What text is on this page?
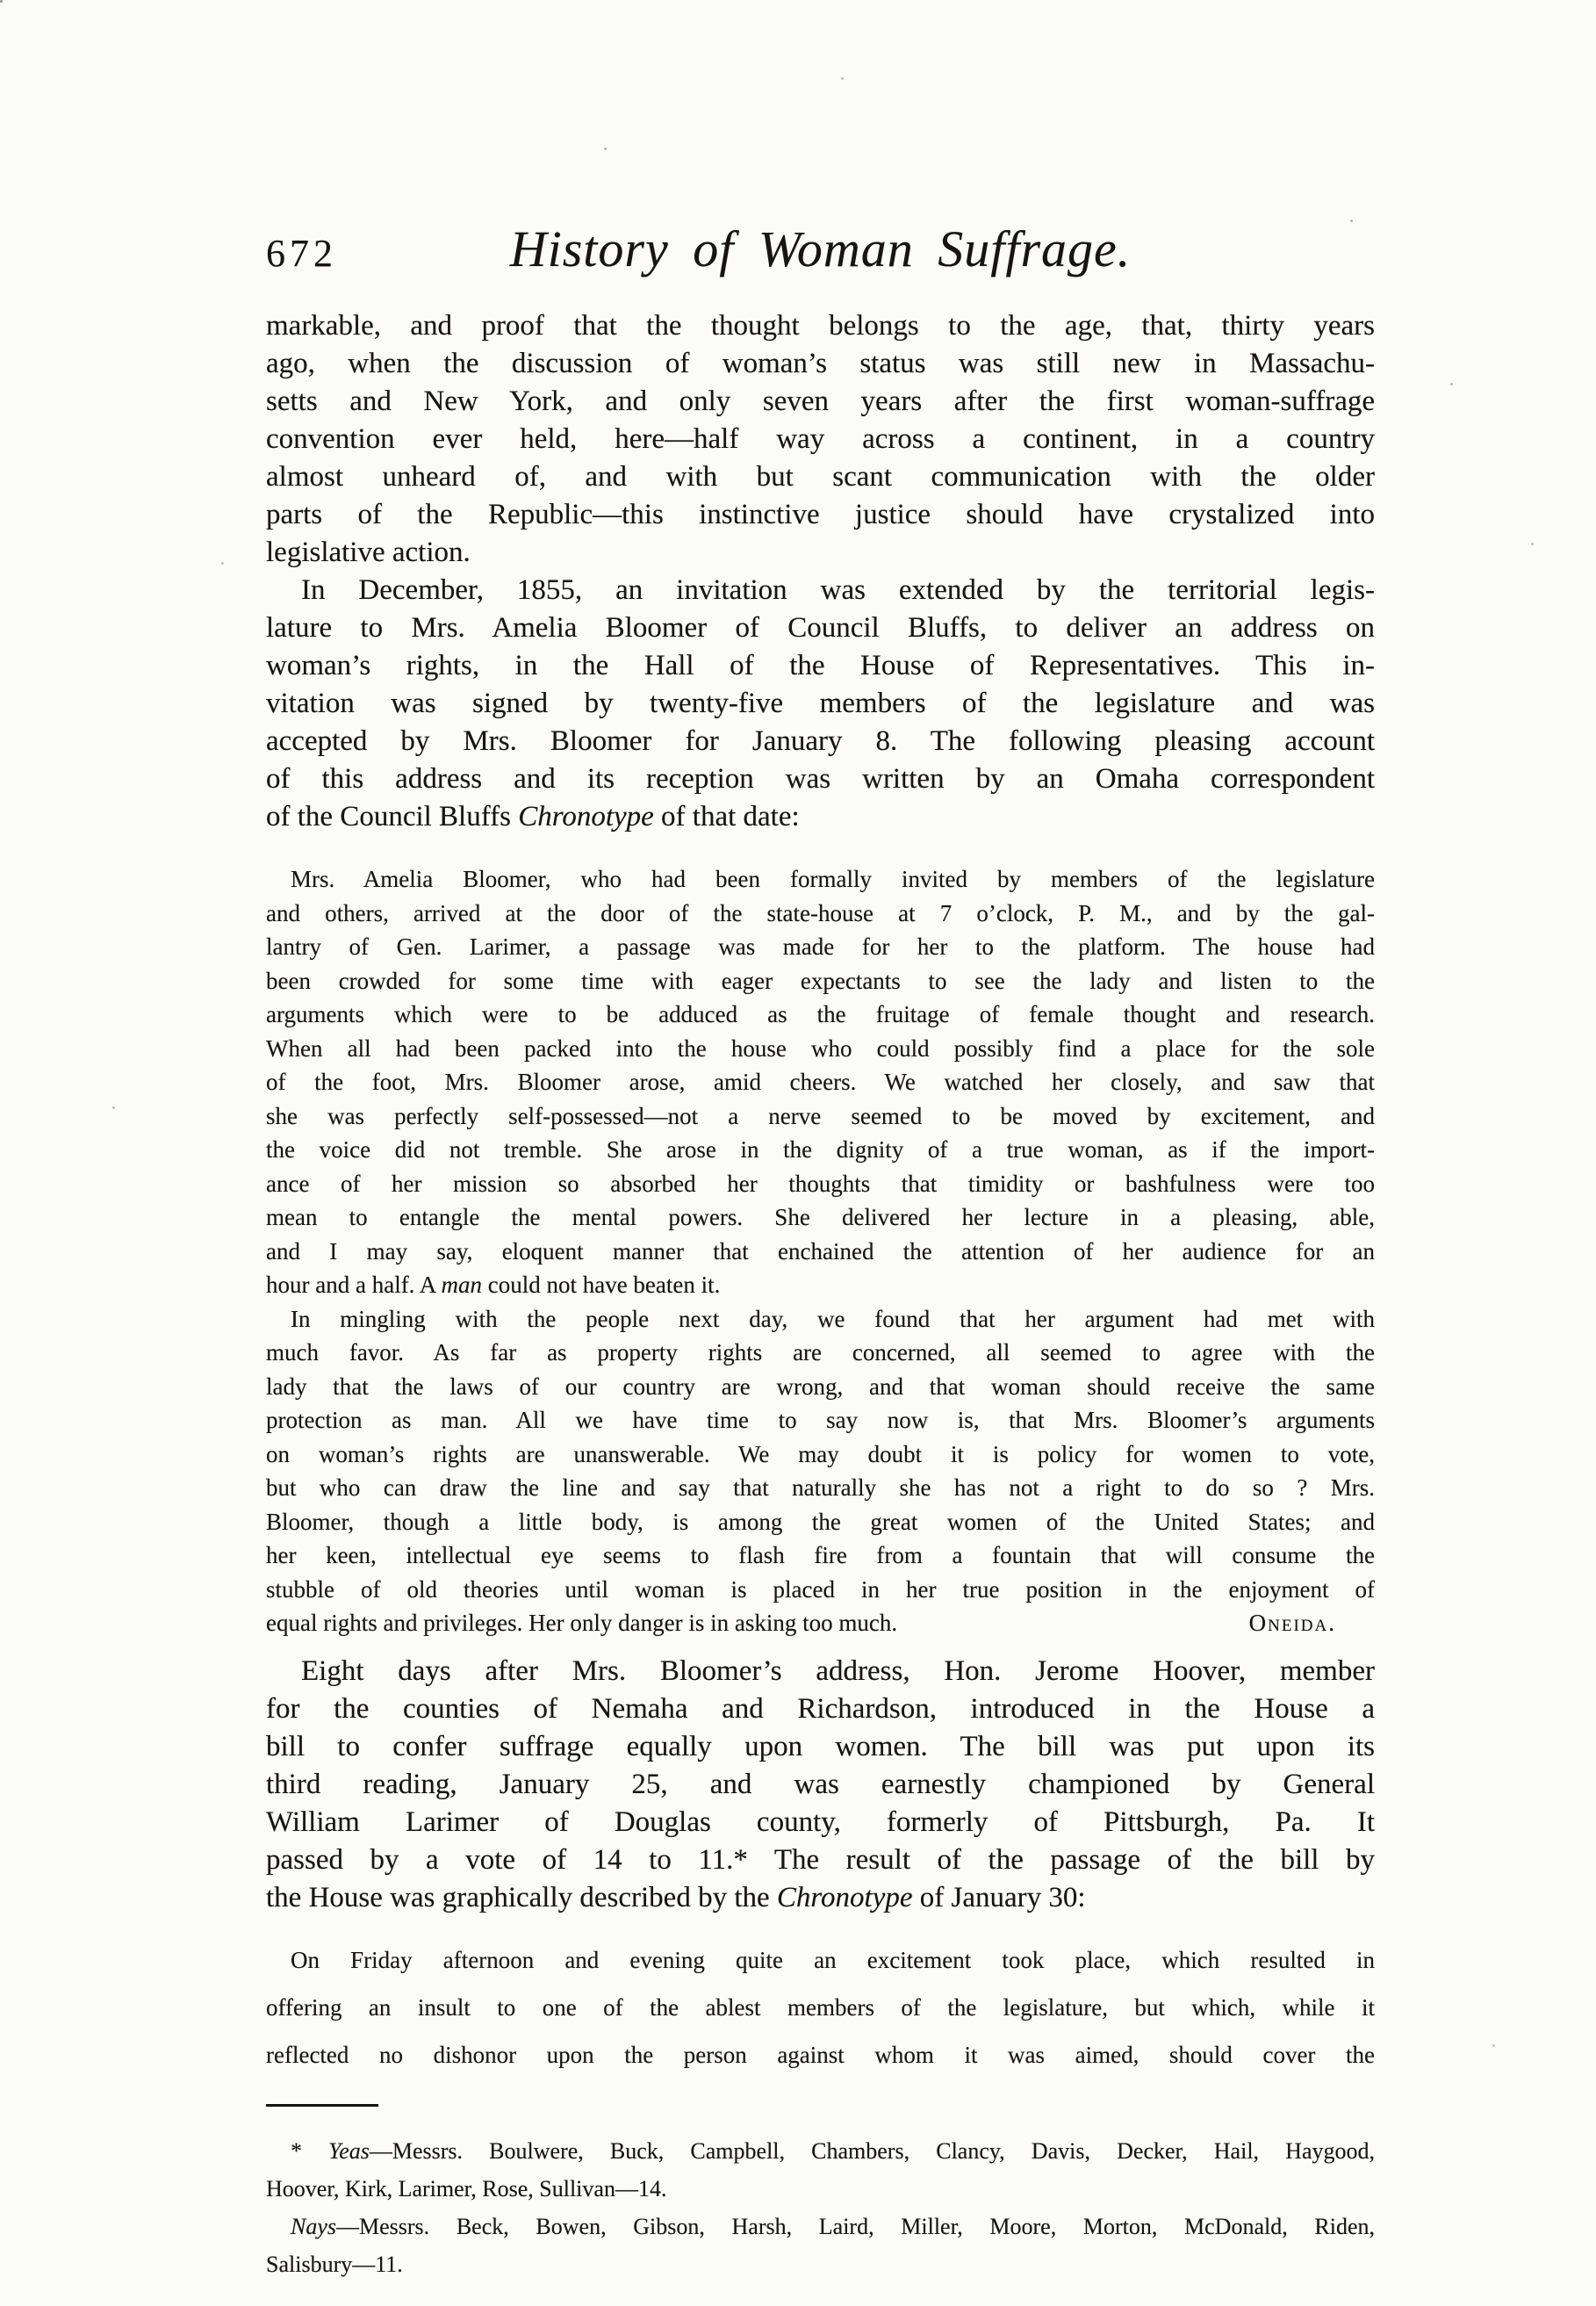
672	History of Woman Suffrage.
markable, and proof that the thought belongs to the age, that, thirty years
ago, when the discussion of woman’s status was still new in Massachu-
setts and New York, and only seven years after the first woman-suffrage
convention ever held, here—half way across a continent, in a country
almost unheard of, and with but scant communication with the older
parts of the Republic—this instinctive justice should have crystalized into
legislative action.
In December, 1855, an invitation was extended by the territorial legis-
lature to Mrs. Amelia Bloomer of Council Bluffs, to deliver an address on
woman’s rights, in the Hall of the House of Representatives. This in-
vitation was signed by twenty-five members of the legislature and was
accepted by Mrs. Bloomer for January 8. The following pleasing account
of this address and its reception was written by an Omaha correspondent
of the Council Bluffs Chronotype of that date:
Mrs. Amelia Bloomer, who had been formally invited by members of the legislature
and others, arrived at the door of the state-house at 7 o’clock, P. M., and by the gal-
lantry of Gen. Larimer, a passage was made for her to the platform. The house had
been crowded for some time with eager expectants to see the lady and listen to the
arguments which were to be adduced as the fruitage of female thought and research.
When all had been packed into the house who could possibly find a place for the sole
of the foot, Mrs. Bloomer arose, amid cheers. We watched her closely, and saw that
she was perfectly self-possessed—not a nerve seemed to be moved by excitement, and
the voice did not tremble. She arose in the dignity of a true woman, as if the import-
ance of her mission so absorbed her thoughts that timidity or bashfulness were too
mean to entangle the mental powers. She delivered her lecture in a pleasing, able,
and I may say, eloquent manner that enchained the attention of her audience for an
hour and a half. A man could not have beaten it.
In mingling with the people next day, we found that her argument had met with
much favor. As far as property rights are concerned, all seemed to agree with the
lady that the laws of our country are wrong, and that woman should receive the same
protection as man. All we have time to say now is, that Mrs. Bloomer’s arguments
on woman’s rights are unanswerable. We may doubt it is policy for women to vote,
but who can draw the line and say that naturally she has not a right to do so ? Mrs.
Bloomer, though a little body, is among the great women of the United States; and
her keen, intellectual eye seems to flash fire from a fountain that will consume the
stubble of old theories until woman is placed in her true position in the enjoyment of
equal rights and privileges. Her only danger is in asking too much.	Oneida.
Eight days after Mrs. Bloomer’s address, Hon. Jerome Hoover, member
for the counties of Nemaha and Richardson, introduced in the House a
bill to confer suffrage equally upon women. The bill was put upon its
third reading, January 25, and was earnestly championed by General
William Larimer of Douglas county, formerly of Pittsburgh, Pa. It
passed by a vote of 14 to 11.* The result of the passage of the bill by
the House was graphically described by the Chronotype of January 30:
On Friday afternoon and evening quite an excitement took place, which resulted in
offering an insult to one of the ablest members of the legislature, but which, while it
reflected no dishonor upon the person against whom it was aimed, should cover the
* Yeas—Messrs. Boulwere, Buck, Campbell, Chambers, Clancy, Davis, Decker, Hail, Haygood,
Hoover, Kirk, Larimer, Rose, Sullivan—14.
Nays—Messrs. Beck, Bowen, Gibson, Harsh, Laird, Miller, Moore, Morton, McDonald, Riden,
Salisbury—11.
